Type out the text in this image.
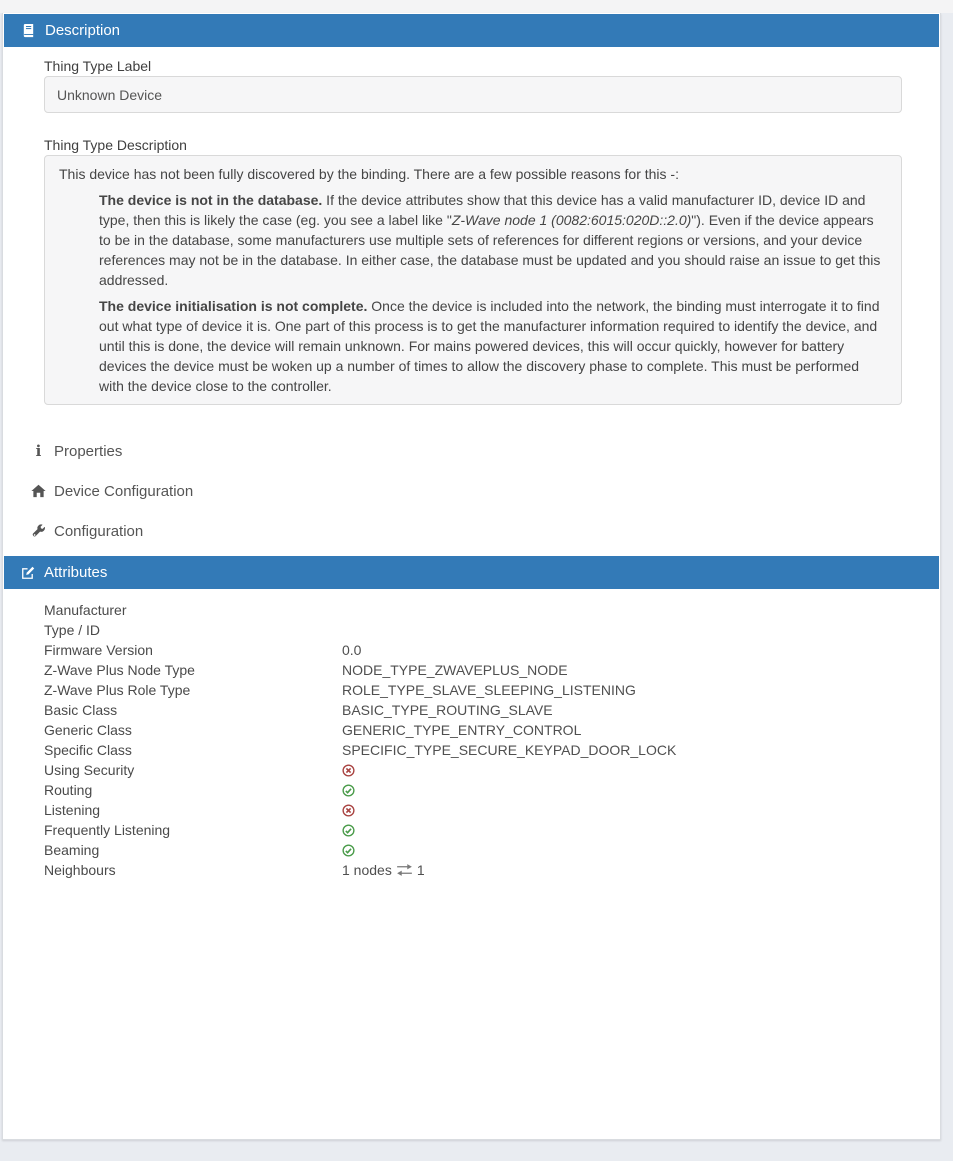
Description
Thing Type Label
Unknown Device
Thing Type Description
This device has not been fully discovered by the binding. There are a few possible reasons for this -:
The device is not in the database. If the device attributes show that this device has a valid manufacturer ID, device ID and type, then this is likely the case (eg. you see a label like "Z-Wave node 1 (0082:6015:020D::2.0)"). Even if the device appears to be in the database, some manufacturers use multiple sets of references for different regions or versions, and your device references may not be in the database. In either case, the database must be updated and you should raise an issue to get this addressed.
The device initialisation is not complete. Once the device is included into the network, the binding must interrogate it to find out what type of device it is. One part of this process is to get the manufacturer information required to identify the device, and until this is done, the device will remain unknown. For mains powered devices, this will occur quickly, however for battery devices the device must be woken up a number of times to allow the discovery phase to complete. This must be performed with the device close to the controller.
i Properties
Device Configuration
Configuration
Attributes
Manufacturer
Type / ID
Firmware Version	0.0
Z-Wave Plus Node Type	NODE_TYPE_ZWAVEPLUS_NODE
Z-Wave Plus Role Type	ROLE_TYPE_SLAVE_SLEEPING_LISTENING
Basic Class	BASIC_TYPE_ROUTING_SLAVE
Generic Class	GENERIC_TYPE_ENTRY_CONTROL
Specific Class	SPECIFIC_TYPE_SECURE_KEYPAD_DOOR_LOCK
Using Security
Routing
Listening
Frequently Listening
Beaming
Neighbours	1 nodes 1
